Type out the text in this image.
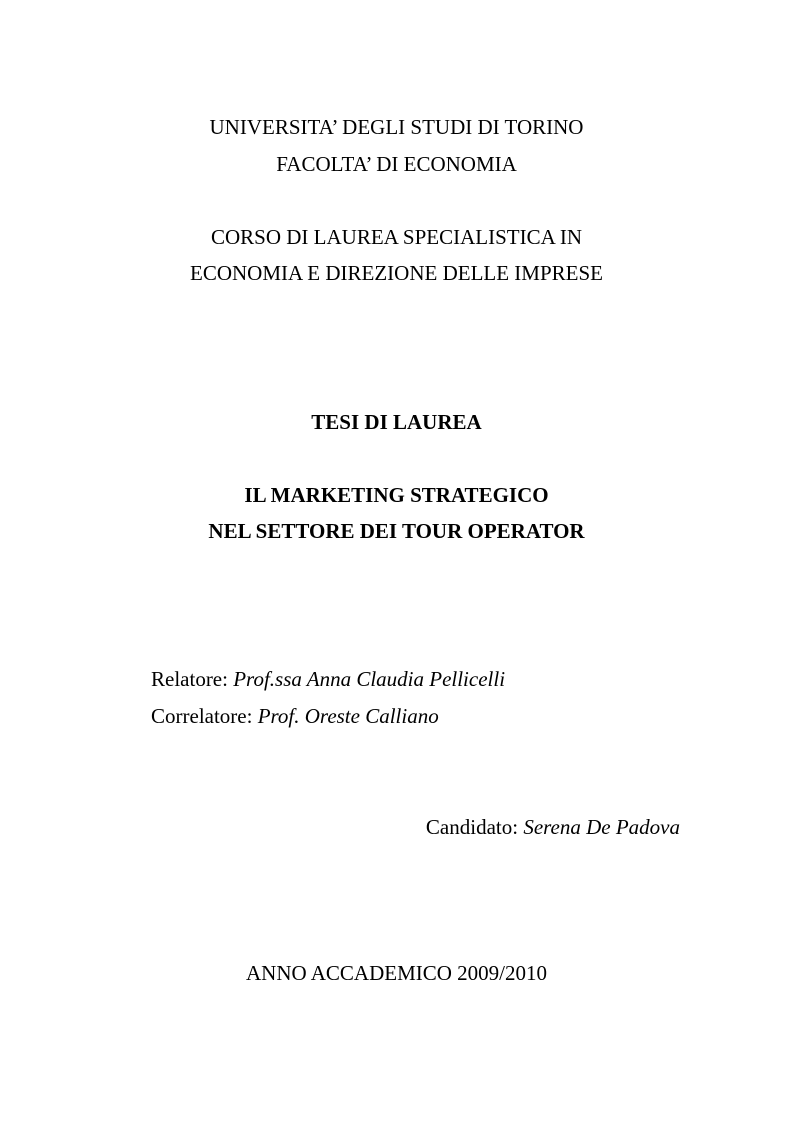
UNIVERSITA’ DEGLI STUDI DI TORINO
FACOLTA’ DI ECONOMIA
CORSO DI LAUREA SPECIALISTICA IN
ECONOMIA E DIREZIONE DELLE IMPRESE
TESI DI LAUREA
IL MARKETING STRATEGICO
NEL SETTORE DEI TOUR OPERATOR
Relatore: Prof.ssa Anna Claudia Pellicelli
Correlatore: Prof. Oreste Calliano
Candidato: Serena De Padova
ANNO ACCADEMICO 2009/2010
